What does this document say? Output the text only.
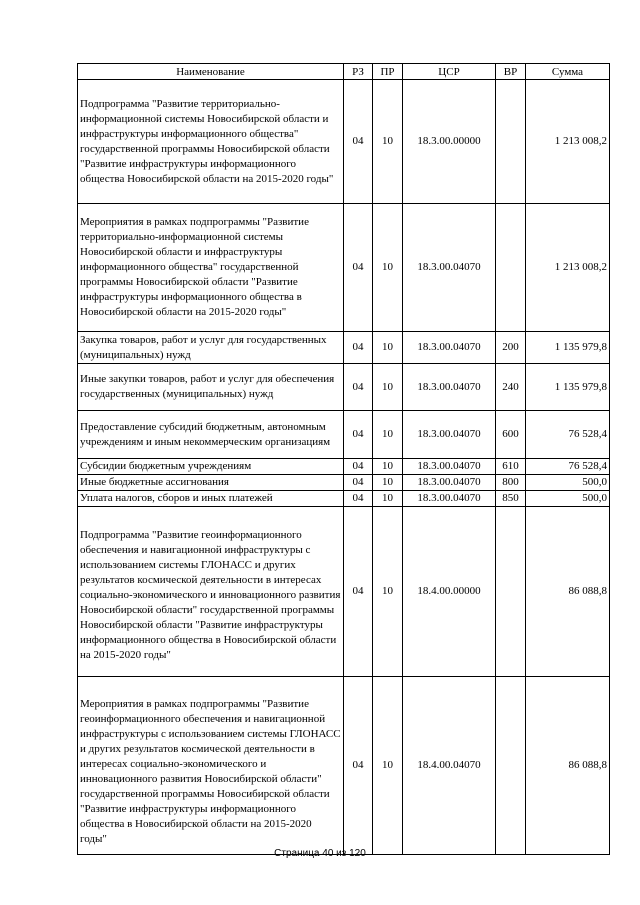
Наименование	РЗ	ПР	ЦСР	ВР	Сумма
Подпрограмма "Развитие территориально-информационной системы Новосибирской области и инфраструктуры информационного общества" государственной программы Новосибирской области "Развитие инфраструктуры информационного общества Новосибирской области на 2015-2020 годы"	04	10	18.3.00.00000		1 213 008,2
Мероприятия в рамках подпрограммы "Развитие территориально-информационной системы Новосибирской области и инфраструктуры информационного общества" государственной программы Новосибирской области "Развитие инфраструктуры информационного общества в Новосибирской области на 2015-2020 годы"	04	10	18.3.00.04070		1 213 008,2
Закупка товаров, работ и услуг для государственных (муниципальных) нужд	04	10	18.3.00.04070	200	1 135 979,8
Иные закупки товаров, работ и услуг для обеспечения государственных (муниципальных) нужд	04	10	18.3.00.04070	240	1 135 979,8
Предоставление субсидий бюджетным, автономным учреждениям и иным некоммерческим организациям	04	10	18.3.00.04070	600	76 528,4
Субсидии бюджетным учреждениям	04	10	18.3.00.04070	610	76 528,4
Иные бюджетные ассигнования	04	10	18.3.00.04070	800	500,0
Уплата налогов, сборов и иных платежей	04	10	18.3.00.04070	850	500,0
Подпрограмма "Развитие геоинформационного обеспечения и навигационной инфраструктуры с использованием системы ГЛОНАСС и других результатов космической деятельности в интересах социально-экономического и инновационного развития Новосибирской области" государственной программы Новосибирской области "Развитие инфраструктуры информационного общества в Новосибирской области на 2015-2020 годы"	04	10	18.4.00.00000		86 088,8
Мероприятия в рамках подпрограммы "Развитие геоинформационного обеспечения и навигационной инфраструктуры с использованием системы ГЛОНАСС и других результатов космической деятельности в интересах социально-экономического и инновационного развития Новосибирской области" государственной программы Новосибирской области "Развитие инфраструктуры информационного общества в Новосибирской области на 2015-2020 годы"	04	10	18.4.00.04070		86 088,8
Страница 40 из 120
